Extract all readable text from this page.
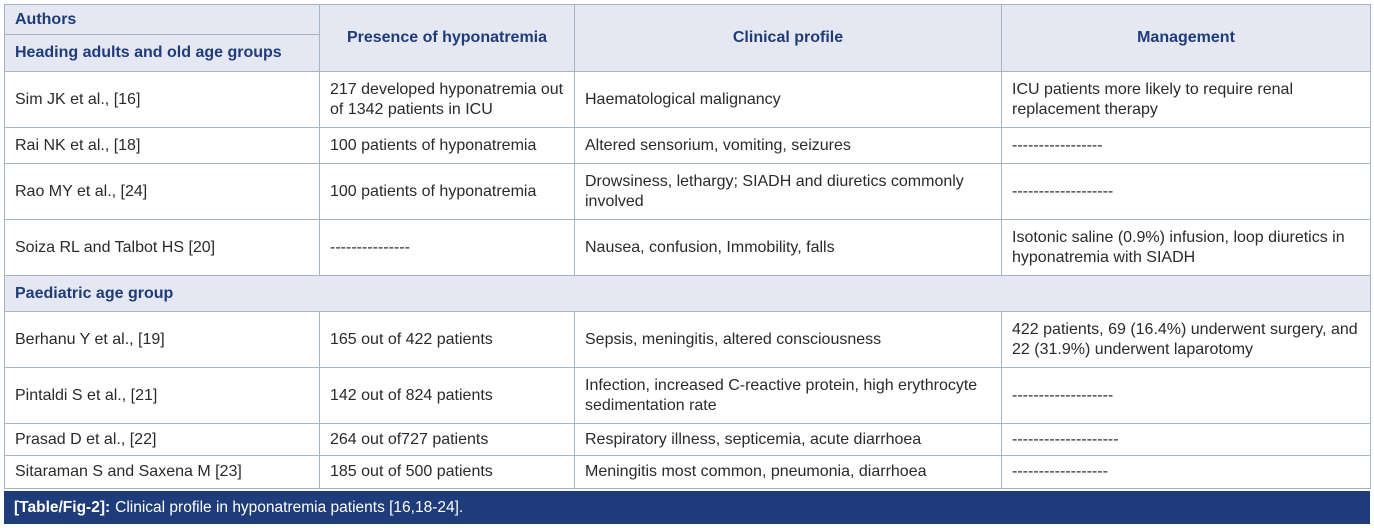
Authors	Presence of hyponatremia	Clinical profile	Management
Heading adults and old age groups			
Sim JK et al., [16]	217 developed hyponatremia out of 1342 patients in ICU	Haematological malignancy	ICU patients more likely to require renal replacement therapy
Rai NK et al., [18]	100 patients of hyponatremia	Altered sensorium, vomiting, seizures	-----------------
Rao MY et al., [24]	100 patients of hyponatremia	Drowsiness, lethargy; SIADH and diuretics commonly involved	-------------------
Soiza RL and Talbot HS [20]	---------------	Nausea, confusion, Immobility, falls	Isotonic saline (0.9%) infusion, loop diuretics in hyponatremia with SIADH
Paediatric age group			
Berhanu Y et al., [19]	165 out of 422 patients	Sepsis, meningitis, altered consciousness	422 patients, 69 (16.4%) underwent surgery, and 22 (31.9%) underwent laparotomy
Pintaldi S et al., [21]	142 out of 824 patients	Infection, increased C-reactive protein, high erythrocyte sedimentation rate	-------------------
Prasad D et al., [22]	264 out of727 patients	Respiratory illness, septicemia, acute diarrhoea	--------------------
Sitaraman S and Saxena M [23]	185 out of 500 patients	Meningitis most common, pneumonia, diarrhoea	------------------
[Table/Fig-2]: Clinical profile in hyponatremia patients [16,18-24].
